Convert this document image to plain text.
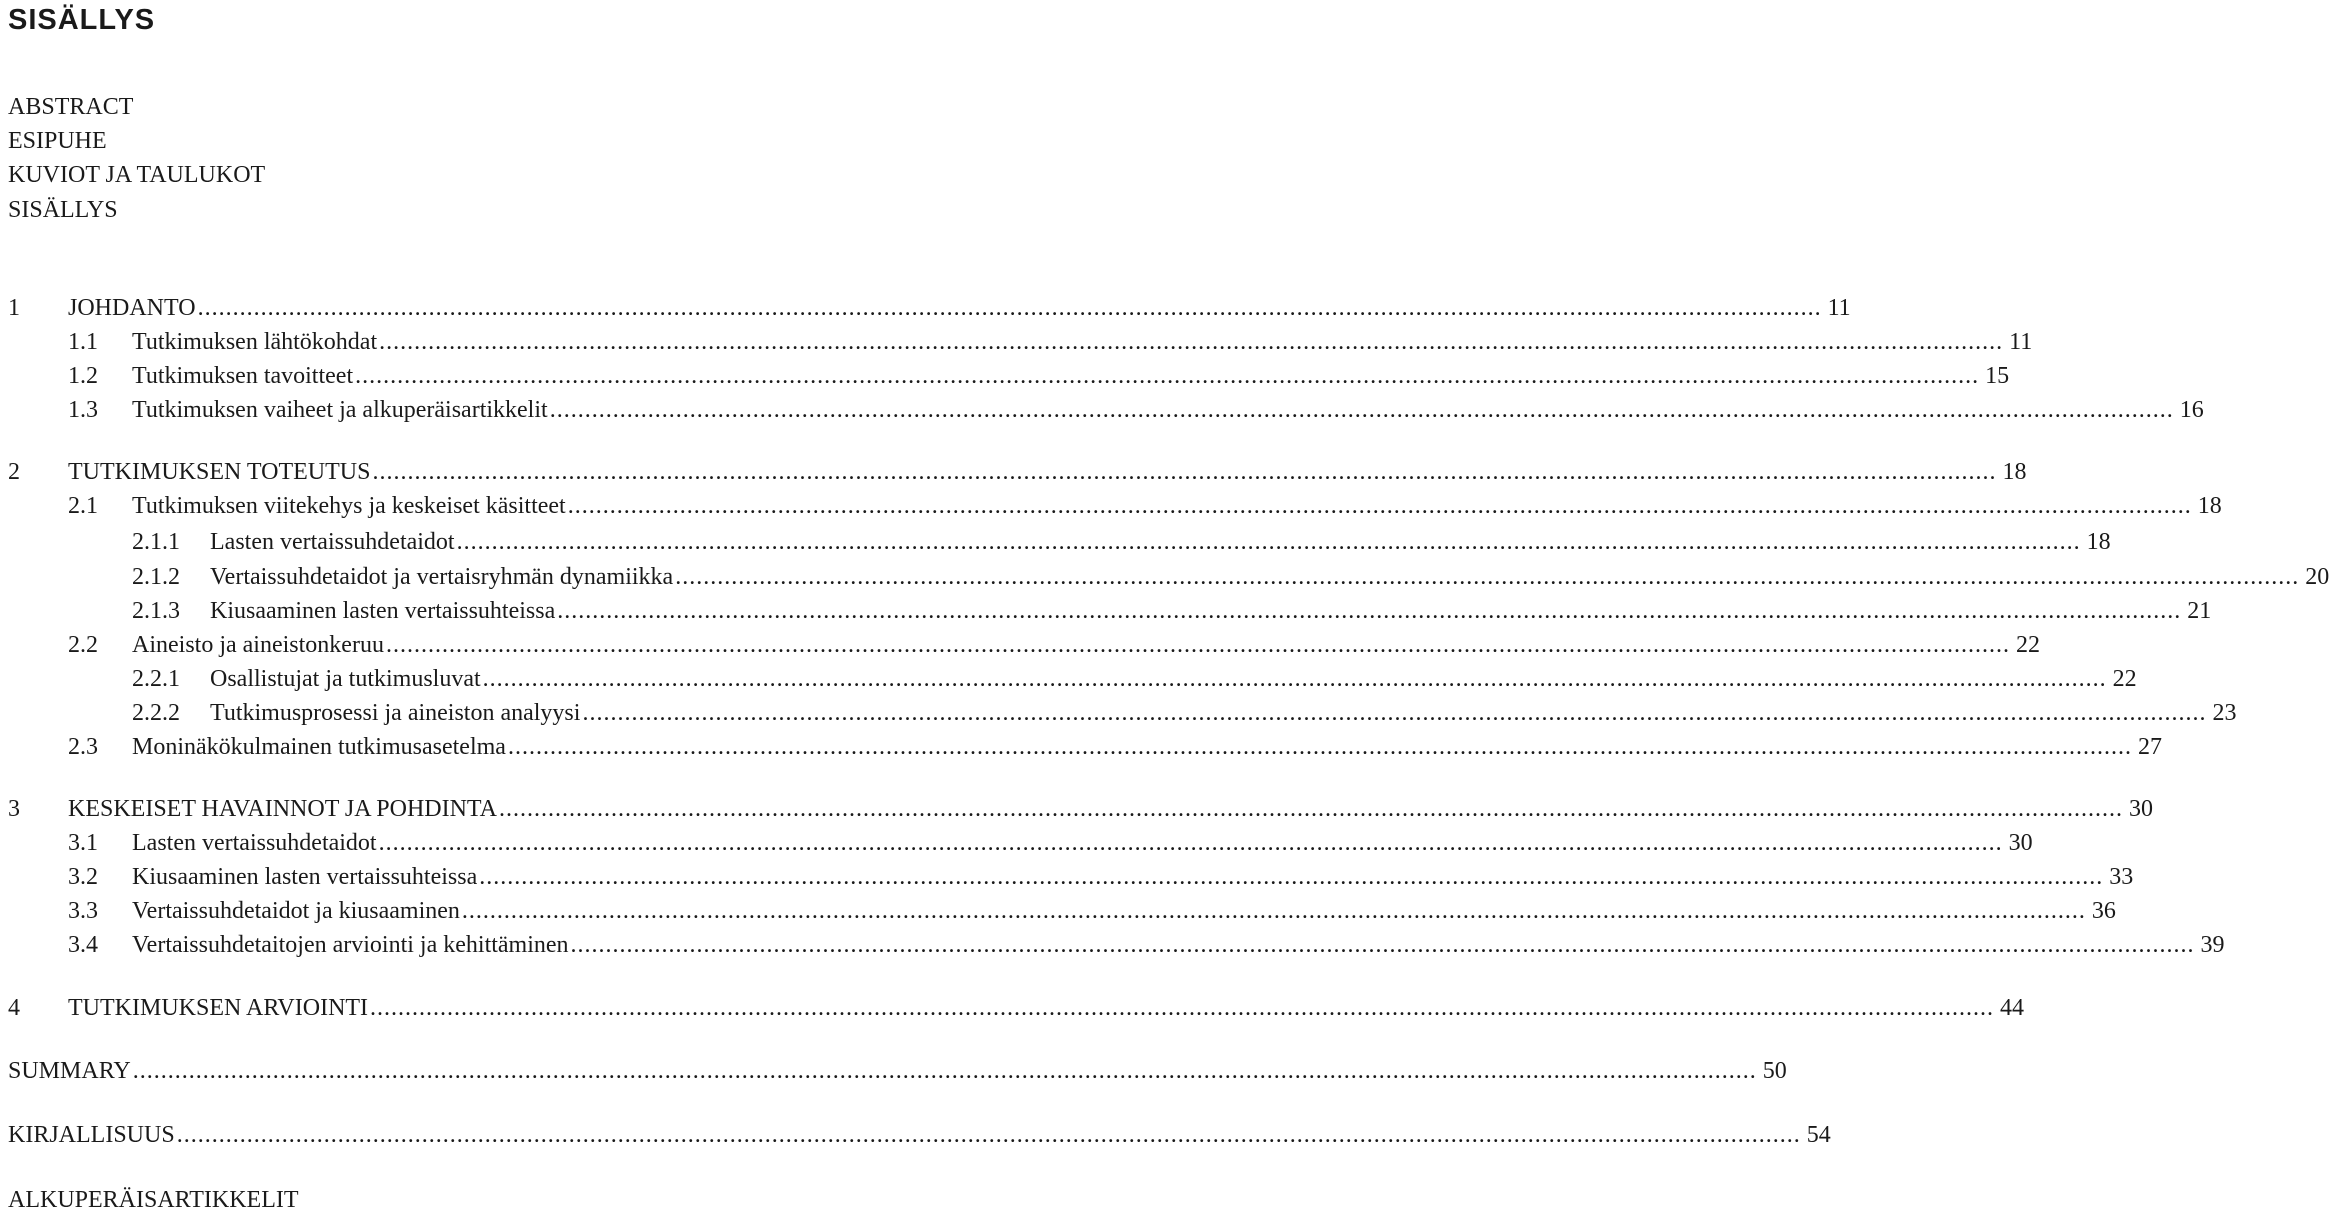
SISÄLLYS
ABSTRACT
ESIPUHE
KUVIOT JA TAULUKOT
SISÄLLYS
1 JOHDANTO ........................................................................................................................................................................................................................................ 11
1.1 Tutkimuksen lähtökohdat ........................................................................................................................................................................................................................................ 11
1.2 Tutkimuksen tavoitteet ........................................................................................................................................................................................................................................ 15
1.3 Tutkimuksen vaiheet ja alkuperäisartikkelit ........................................................................................................................................................................................................................................ 16
2 TUTKIMUKSEN TOTEUTUS ........................................................................................................................................................................................................................................ 18
2.1 Tutkimuksen viitekehys ja keskeiset käsitteet ........................................................................................................................................................................................................................................ 18
2.1.1 Lasten vertaissuhdetaidot ........................................................................................................................................................................................................................................ 18
2.1.2 Vertaissuhdetaidot ja vertaisryhmän dynamiikka ........................................................................................................................................................................................................................................ 20
2.1.3 Kiusaaminen lasten vertaissuhteissa ........................................................................................................................................................................................................................................ 21
2.2 Aineisto ja aineistonkeruu ........................................................................................................................................................................................................................................ 22
2.2.1 Osallistujat ja tutkimusluvat ........................................................................................................................................................................................................................................ 22
2.2.2 Tutkimusprosessi ja aineiston analyysi ........................................................................................................................................................................................................................................ 23
2.3 Moninäkökulmainen tutkimusasetelma ........................................................................................................................................................................................................................................ 27
3 KESKEISET HAVAINNOT JA POHDINTA ........................................................................................................................................................................................................................................ 30
3.1 Lasten vertaissuhdetaidot ........................................................................................................................................................................................................................................ 30
3.2 Kiusaaminen lasten vertaissuhteissa ........................................................................................................................................................................................................................................ 33
3.3 Vertaissuhdetaidot ja kiusaaminen ........................................................................................................................................................................................................................................ 36
3.4 Vertaissuhdetaitojen arviointi ja kehittäminen ........................................................................................................................................................................................................................................ 39
4 TUTKIMUKSEN ARVIOINTI ........................................................................................................................................................................................................................................ 44
SUMMARY ........................................................................................................................................................................................................................................ 50
KIRJALLISUUS ........................................................................................................................................................................................................................................ 54
ALKUPERÄISARTIKKELIT
